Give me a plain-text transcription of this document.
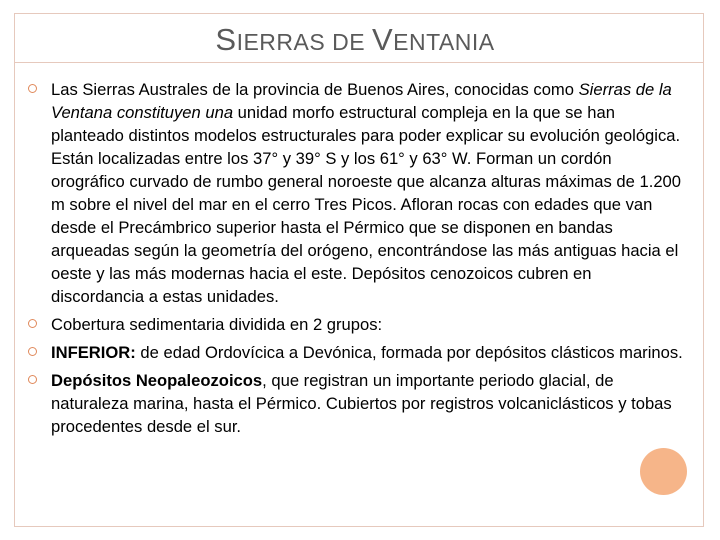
SIERRAS DE VENTANIA
Las Sierras Australes de la provincia de Buenos Aires, conocidas como Sierras de la Ventana constituyen una unidad morfo estructural compleja en la que se han planteado distintos modelos estructurales para poder explicar su evolución geológica. Están localizadas entre los 37° y 39° S y los 61° y 63° W. Forman un cordón orográfico curvado de rumbo general noroeste que alcanza alturas máximas de 1.200 m sobre el nivel del mar en el cerro Tres Picos. Afloran rocas con edades que van desde el Precámbrico superior hasta el Pérmico que se disponen en bandas arqueadas según la geometría del orógeno, encontrándose las más antiguas hacia el oeste y las más modernas hacia el este. Depósitos cenozoicos cubren en discordancia a estas unidades.
Cobertura sedimentaria dividida en 2 grupos:
INFERIOR: de edad Ordovícica a Devónica, formada por depósitos clásticos marinos.
Depósitos Neopaleozoicos, que registran un importante periodo glacial, de naturaleza marina, hasta el Pérmico. Cubiertos por registros volcaniclásticos y tobas procedentes desde el sur.
